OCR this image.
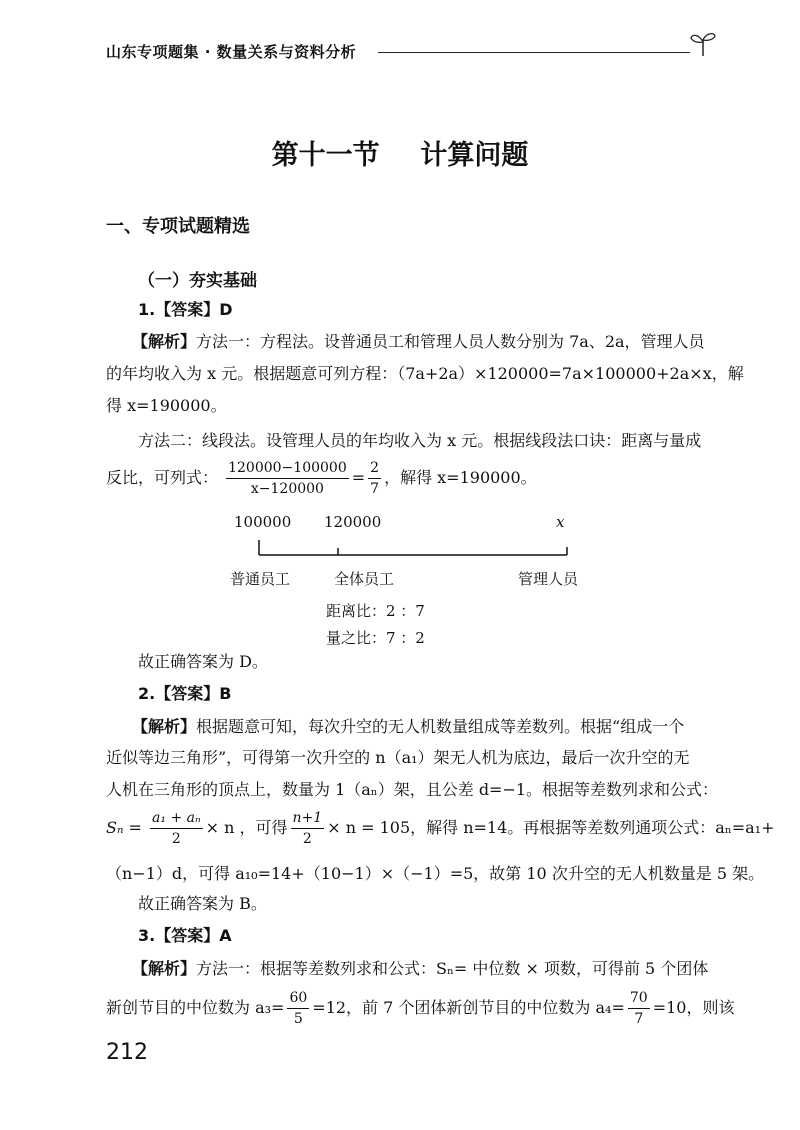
山东专项题集 · 数量关系与资料分析
第十一节 计算问题
一、专项试题精选
（一）夯实基础
1.【答案】D
【解析】方法一：方程法。设普通员工和管理人员人数分别为 7a、2a，管理人员
的年均收入为 x 元。根据题意可列方程：（7a+2a）×120000=7a×100000+2a×x，解
得 x=190000。
方法二：线段法。设管理人员的年均收入为 x 元。根据线段法口诀：距离与量成
反比，可列式： $\frac{120000-100000}{x-120000} = \frac{2}{7}$ ，解得 x=190000。
100000 120000	x
普通员工	全体员工	管理人员
距离比：2 ：7
量之比：7 ：2
故正确答案为 D。
2.【答案】B
【解析】根据题意可知，每次升空的无人机数量组成等差数列。根据“组成一个
近似等边三角形”，可得第一次升空的 n（a₁）架无人机为底边，最后一次升空的无
人机在三角形的顶点上，数量为 1（aₙ）架，且公差 d=−1。根据等差数列求和公式：
$S_n = \frac{\text{a₁ + aₙ}}{2} \times n$ ，可得 $\frac{n+1}{2} \times n = 105$，解得 n=14。再根据等差数列通项公式：aₙ=a₁+
（n−1）d，可得 a₁₀=14+（10−1）×（−1）=5，故第 10 次升空的无人机数量是 5 架。
故正确答案为 B。
3.【答案】A
【解析】方法一：根据等差数列求和公式：Sₙ= 中位数 × 项数，可得前 5 个团体
新创节目的中位数为 $a_3= \frac{60}{5} =12$，前 7 个团体新创节目的中位数为 $a_4= \frac{70}{7} =10$，则该
212
